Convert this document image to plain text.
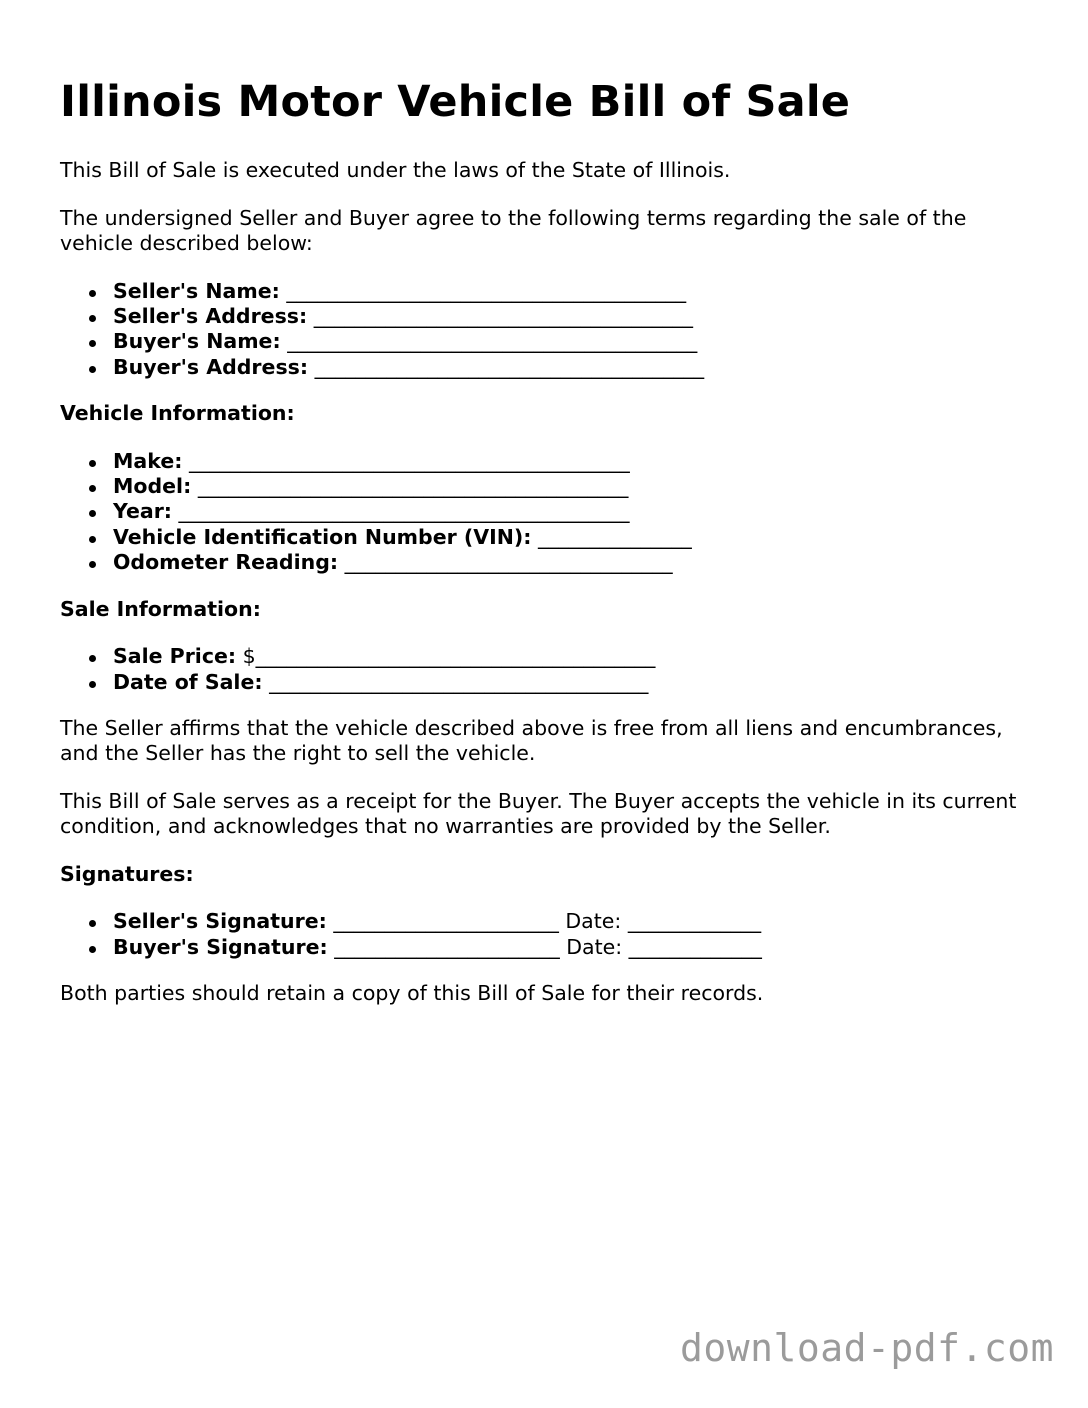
Illinois Motor Vehicle Bill of Sale

This Bill of Sale is executed under the laws of the State of Illinois.

The undersigned Seller and Buyer agree to the following terms regarding the sale of the vehicle described below:

Seller's Name: _______________________________________
Seller's Address: _____________________________________
Buyer's Name: ________________________________________
Buyer's Address: ______________________________________
Vehicle Information:
Make: ___________________________________________
Model: __________________________________________
Year: ____________________________________________
Vehicle Identification Number (VIN): _______________
Odometer Reading: ________________________________
Sale Information:
Sale Price: $_______________________________________
Date of Sale: _____________________________________

The Seller affirms that the vehicle described above is free from all liens and encumbrances, and the Seller has the right to sell the vehicle.

This Bill of Sale serves as a receipt for the Buyer. The Buyer accepts the vehicle in its current condition, and acknowledges that no warranties are provided by the Seller.

Signatures:
Seller's Signature: ______________________ Date: _____________
Buyer's Signature: ______________________ Date: _____________

Both parties should retain a copy of this Bill of Sale for their records.

download-pdf.com
